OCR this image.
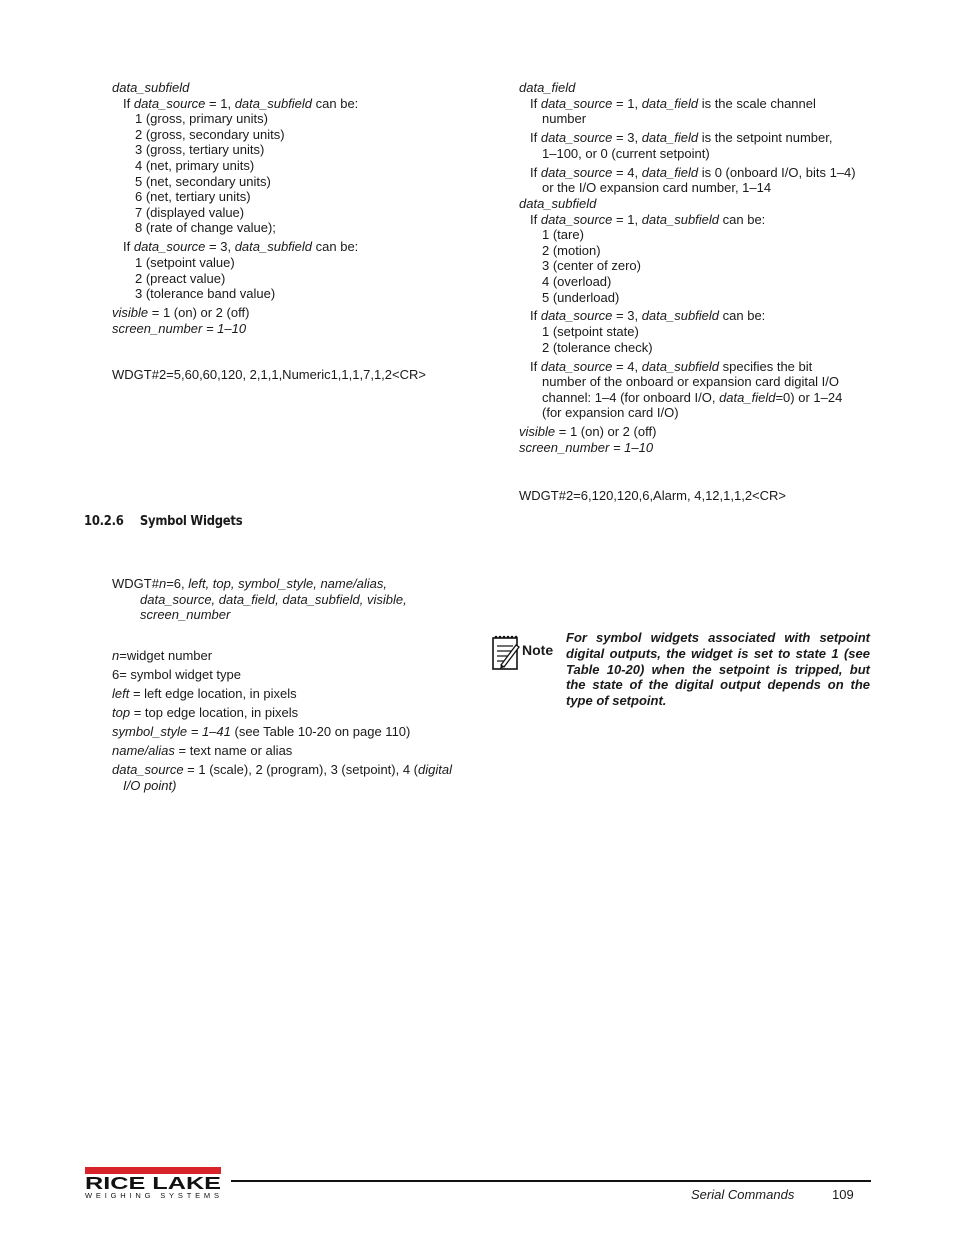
data_subfield
If data_source = 1, data_subfield can be:
1 (gross, primary units)
2 (gross, secondary units)
3 (gross, tertiary units)
4 (net, primary units)
5 (net, secondary units)
6 (net, tertiary units)
7 (displayed value)
8 (rate of change value);
If data_source = 3, data_subfield can be:
1 (setpoint value)
2 (preact value)
3 (tolerance band value)
visible = 1 (on) or 2 (off)
screen_number = 1–10
WDGT#2=5,60,60,120, 2,1,1,Numeric1,1,1,7,1,2<CR>
data_field
If data_source = 1, data_field is the scale channel
number
If data_source = 3, data_field is the setpoint number,
1–100, or 0 (current setpoint)
If data_source = 4, data_field is 0 (onboard I/O, bits 1–4)
or the I/O expansion card number, 1–14
data_subfield
If data_source = 1, data_subfield can be:
1 (tare)
2 (motion)
3 (center of zero)
4 (overload)
5 (underload)
If data_source = 3, data_subfield can be:
1 (setpoint state)
2 (tolerance check)
If data_source = 4, data_subfield specifies the bit
number of the onboard or expansion card digital I/O
channel: 1–4 (for onboard I/O, data_field=0) or 1–24
(for expansion card I/O)
visible = 1 (on) or 2 (off)
screen_number = 1–10
WDGT#2=6,120,120,6,Alarm, 4,12,1,1,2<CR>
10.2.6 Symbol Widgets
WDGT#n=6, left, top, symbol_style, name/alias,
data_source, data_field, data_subfield, visible,
screen_number
n=widget number
6= symbol widget type
left = left edge location, in pixels
top = top edge location, in pixels
symbol_style = 1–41 (see Table 10-20 on page 110)
name/alias = text name or alias
data_source = 1 (scale), 2 (program), 3 (setpoint), 4 (digital
I/O point)
Note
For symbol widgets associated with setpoint
digital outputs, the widget is set to state 1 (see
Table 10-20) when the setpoint is tripped, but
the state of the digital output depends on the
type of setpoint.
RICE LAKE
WEIGHING SYSTEMS	Serial Commands	109
